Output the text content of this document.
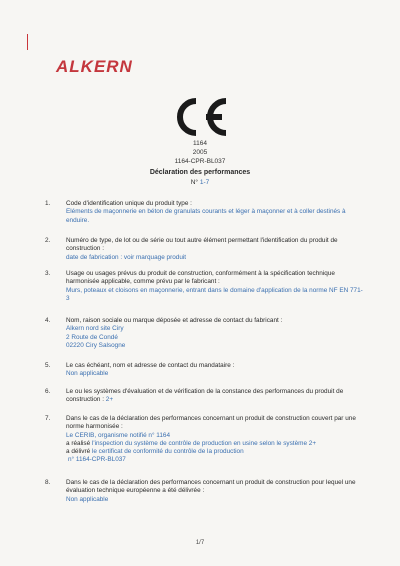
ALKERN
1164
2005
1164-CPR-BL037
Déclaration des performances
N° 1-7
1.	Code d'identification unique du produit type :
Eléments de maçonnerie en béton de granulats courants et léger à maçonner et à coller destinés à enduire.
2.	Numéro de type, de lot ou de série ou tout autre élément permettant l'identification du produit de construction :
date de fabrication : voir marquage produit
3.	Usage ou usages prévus du produit de construction, conformément à la spécification technique harmonisée applicable, comme prévu par le fabricant :
Murs, poteaux et cloisons en maçonnerie, entrant dans le domaine d'application de la norme NF EN 771-3
4.	Nom, raison sociale ou marque déposée et adresse de contact du fabricant :
Alkern nord site Ciry
2 Route de Condé
02220 Ciry Salsogne
5.	Le cas échéant, nom et adresse de contact du mandataire :
Non applicable
6.	Le ou les systèmes d'évaluation et de vérification de la constance des performances du produit de construction : 2+
7.	Dans le cas de la déclaration des performances concernant un produit de construction couvert par une norme harmonisée :
Le CERIB, organisme notifié n° 1164
a réalisé l'inspection du système de contrôle de production en usine selon le système 2+
a délivré le certificat de conformité du contrôle de la production
n° 1164-CPR-BL037
8.	Dans le cas de la déclaration des performances concernant un produit de construction pour lequel une évaluation technique européenne a été délivrée :
Non applicable
1/7
